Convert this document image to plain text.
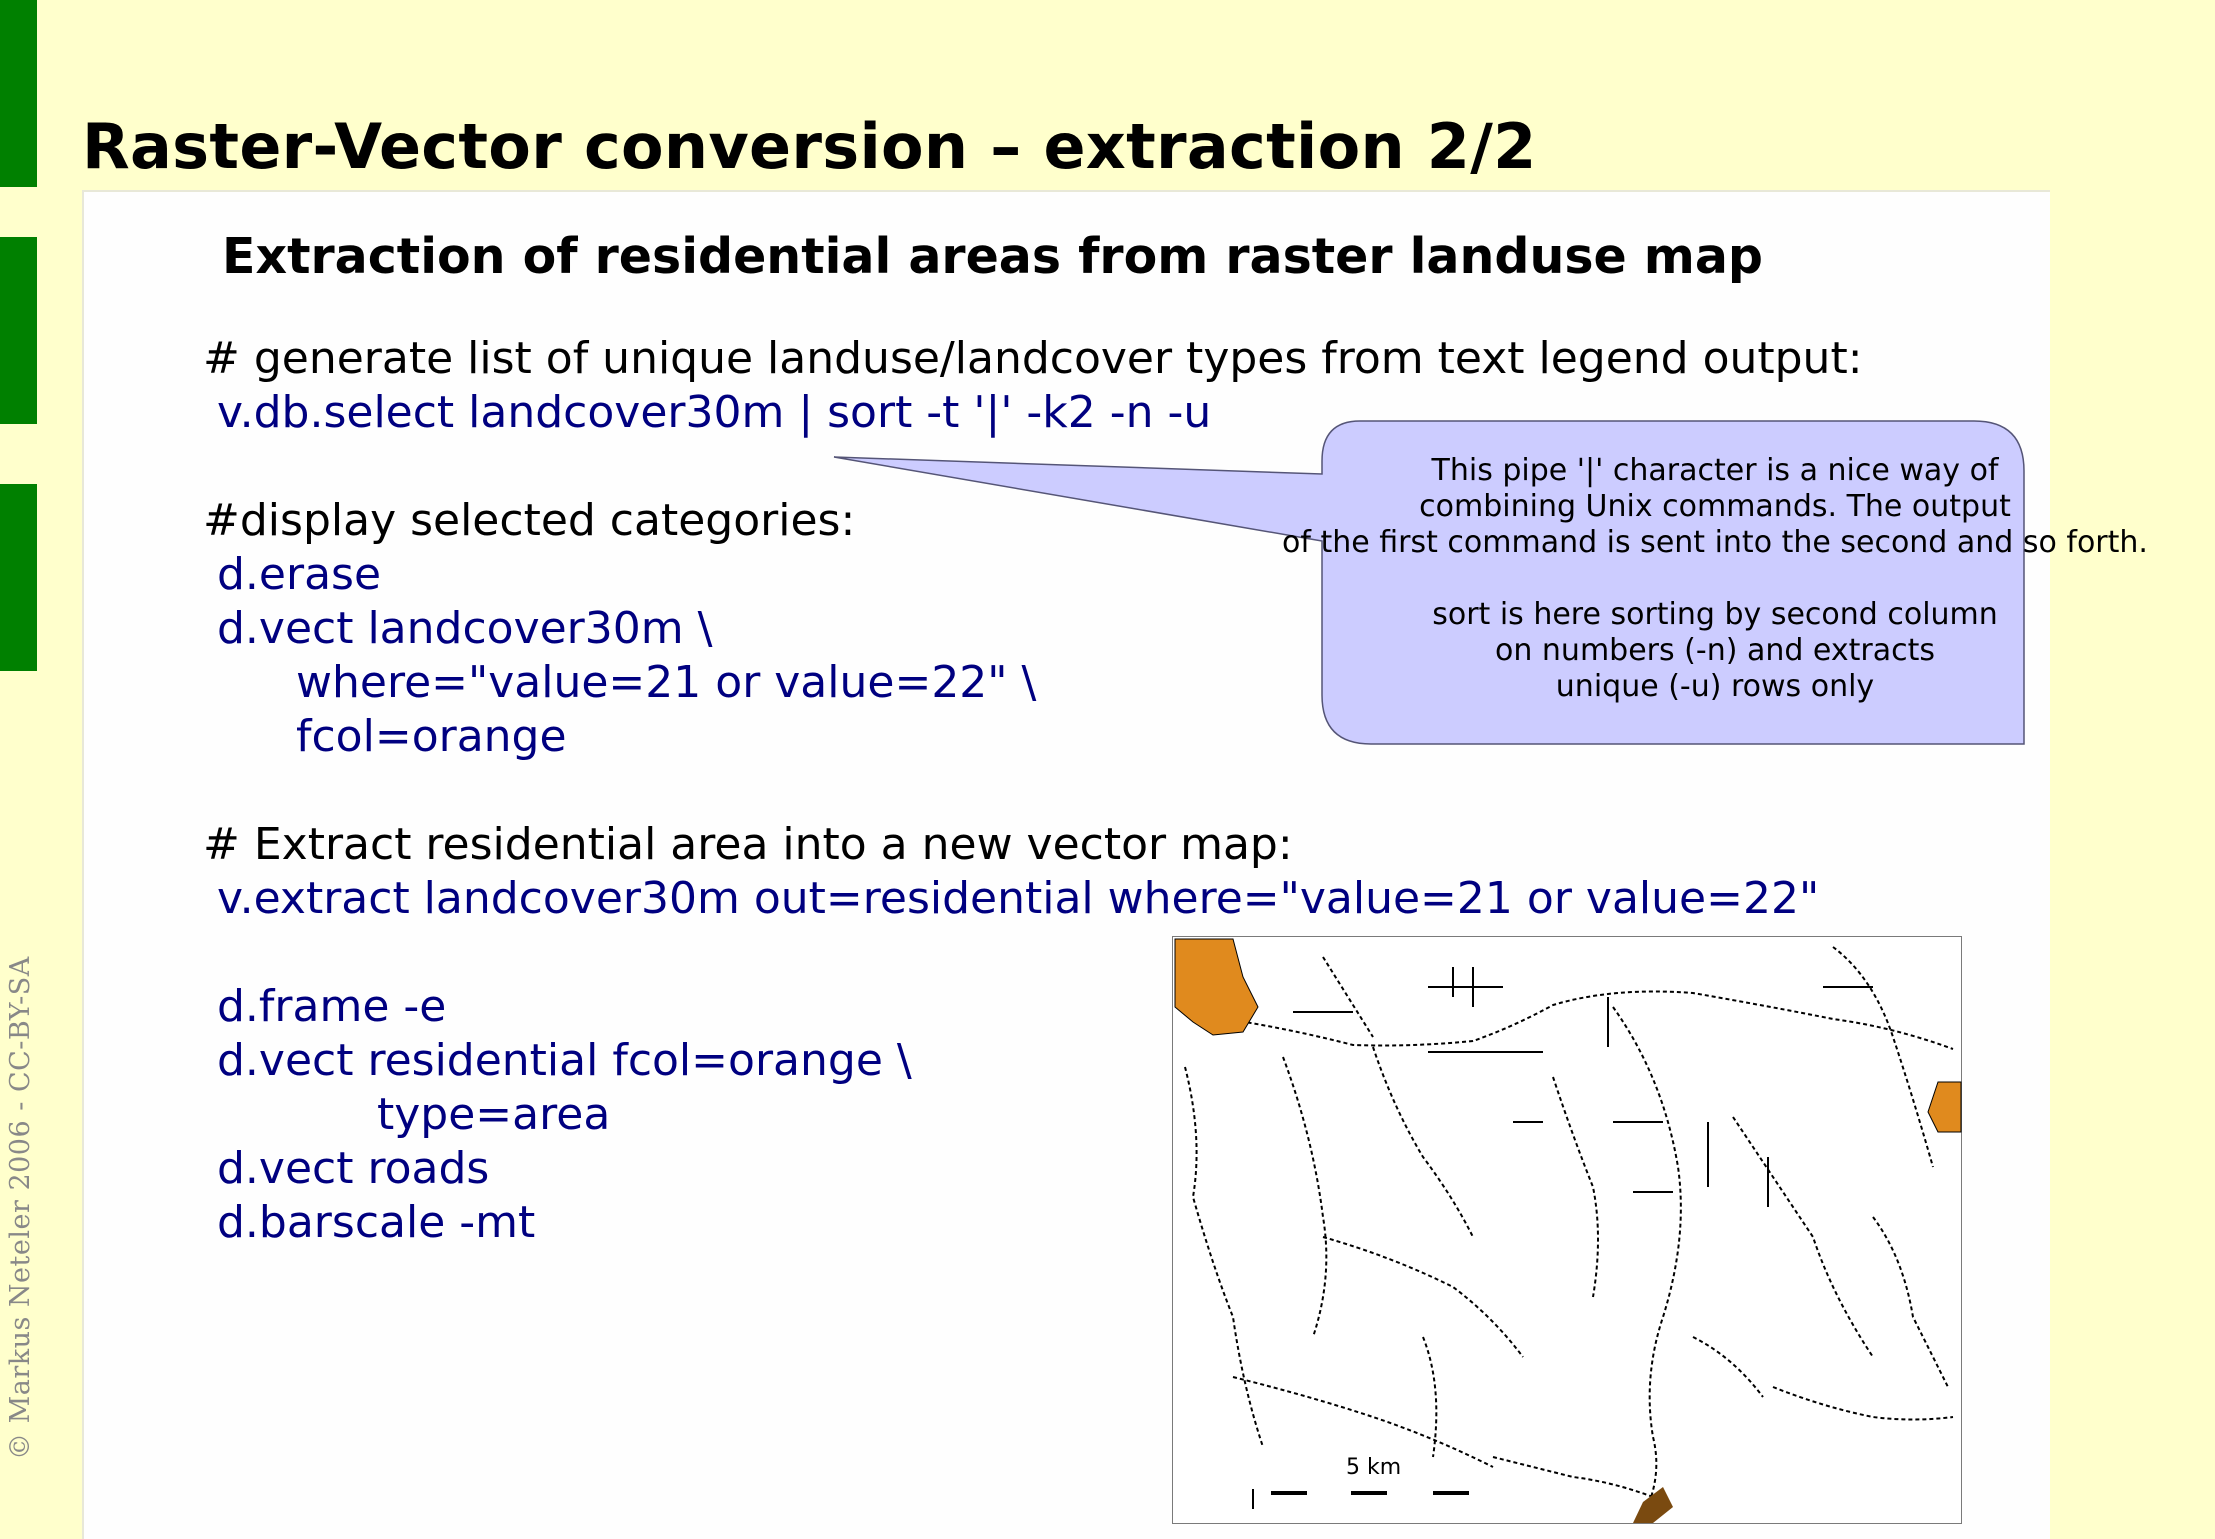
© Markus Neteler 2006 - CC-BY-SA
Raster-Vector conversion – extraction 2/2
Extraction of residential areas from raster landuse map
# generate list of unique landuse/landcover types from text legend output:
v.db.select landcover30m | sort -t '|' -k2 -n -u
#display selected categories:
d.erase
d.vect landcover30m \
where="value=21 or value=22" \
fcol=orange
# Extract residential area into a new vector map:
v.extract landcover30m out=residential where="value=21 or value=22"
d.frame -e
d.vect residential fcol=orange \
type=area
d.vect roads
d.barscale -mt
This pipe '|' character is a nice way of
combining Unix commands. The output
of the first command is sent into the second and so forth.
sort is here sorting by second column
on numbers (-n) and extracts
unique (-u) rows only
5 km
